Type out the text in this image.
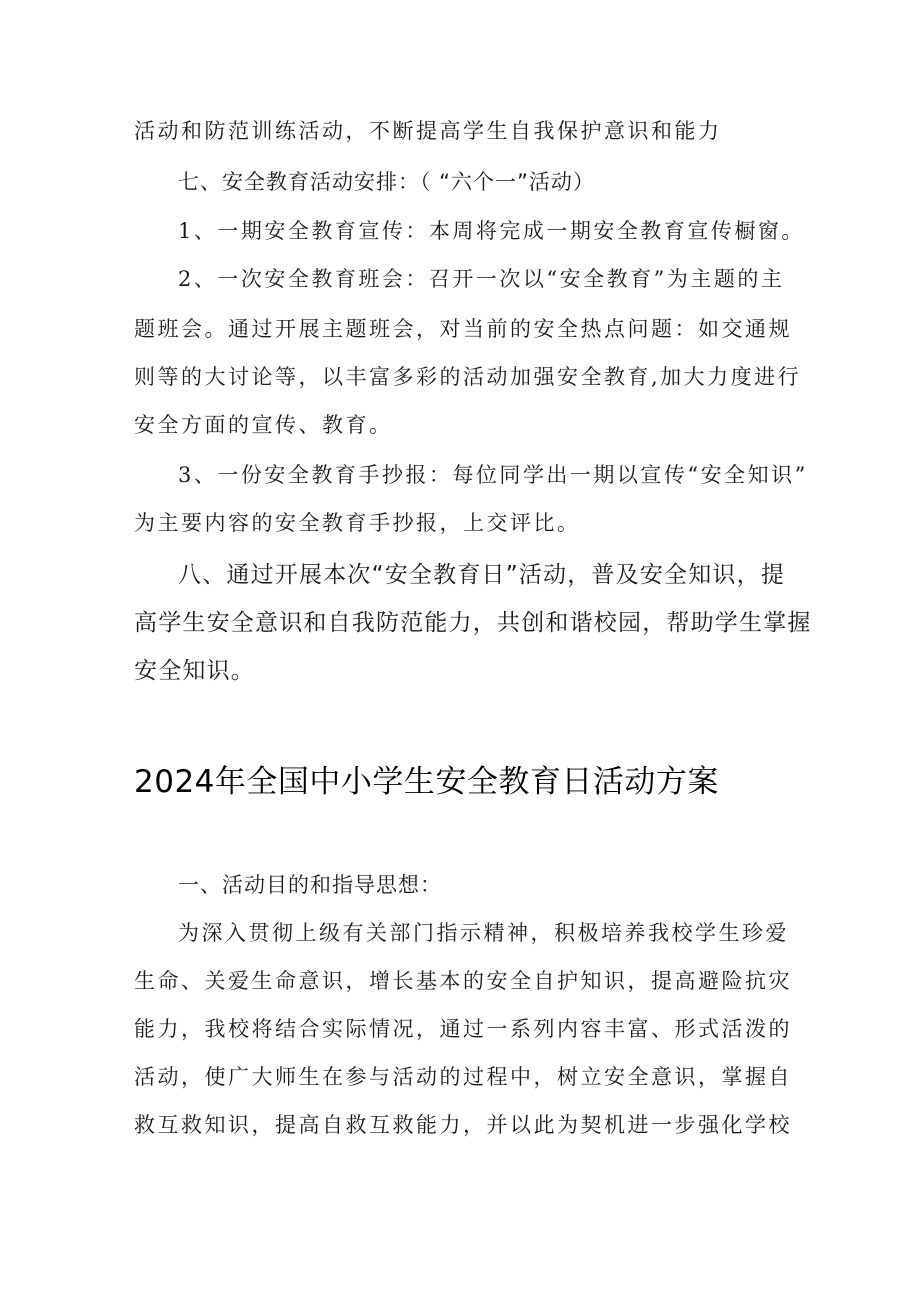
活动和防范训练活动，不断提高学生自我保护意识和能力

七、安全教育活动安排：（ “六个一”活动）

1、一期安全教育宣传：本周将完成一期安全教育宣传橱窗。

2、一次安全教育班会：召开一次以“安全教育”为主题的主

题班会。通过开展主题班会，对当前的安全热点问题：如交通规

则等的大讨论等，以丰富多彩的活动加强安全教育,加大力度进行

安全方面的宣传、教育。

3、一份安全教育手抄报：每位同学出一期以宣传“安全知识”

为主要内容的安全教育手抄报，上交评比。

八、通过开展本次“安全教育日”活动，普及安全知识，提

高学生安全意识和自我防范能力，共创和谐校园，帮助学生掌握

安全知识。

2024年全国中小学生安全教育日活动方案

一、活动目的和指导思想：

为深入贯彻上级有关部门指示精神，积极培养我校学生珍爱

生命、关爱生命意识，增长基本的安全自护知识，提高避险抗灾

能力，我校将结合实际情况，通过一系列内容丰富、形式活泼的

活动，使广大师生在参与活动的过程中，树立安全意识，掌握自

救互救知识，提高自救互救能力，并以此为契机进一步强化学校
